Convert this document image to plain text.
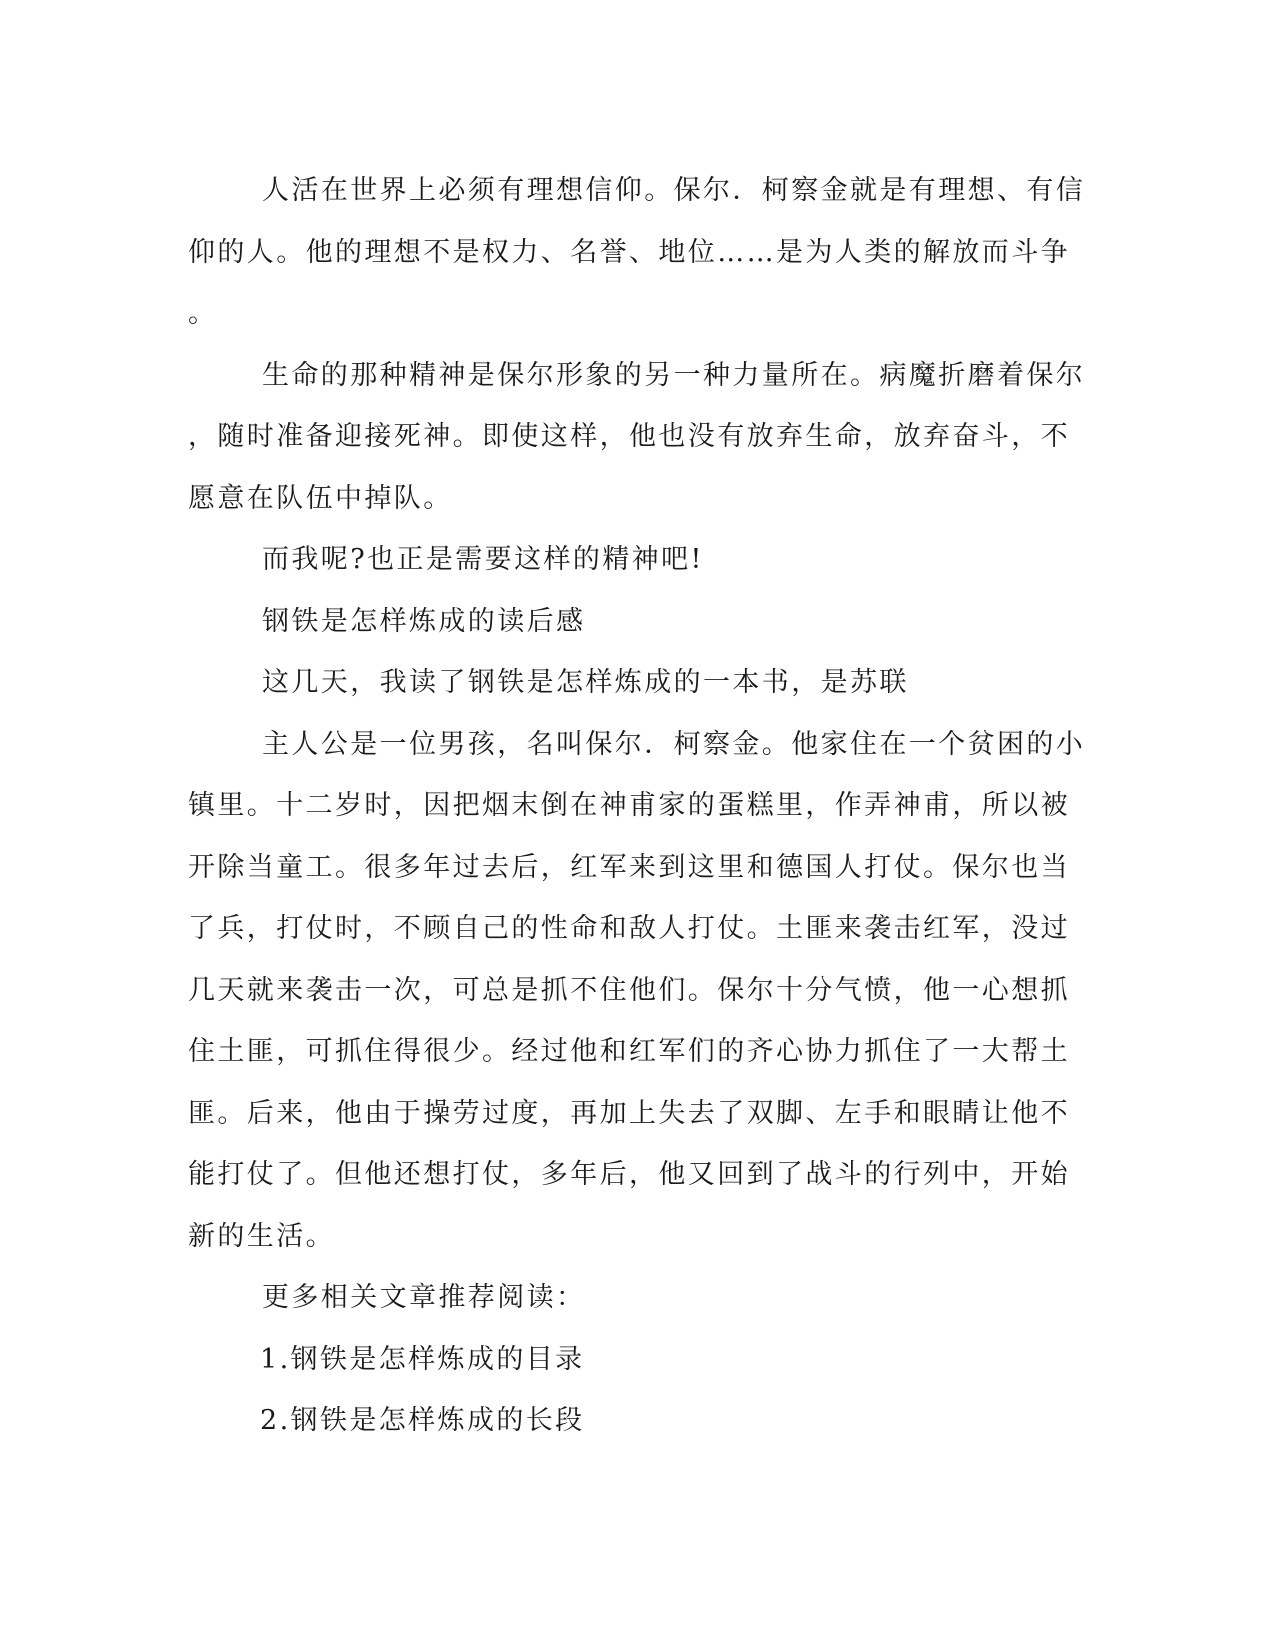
人活在世界上必须有理想信仰。保尔．柯察金就是有理想、有信
仰的人。他的理想不是权力、名誉、地位……是为人类的解放而斗争
。

生命的那种精神是保尔形象的另一种力量所在。病魔折磨着保尔
，随时准备迎接死神。即使这样，他也没有放弃生命，放弃奋斗，不
愿意在队伍中掉队。

而我呢?也正是需要这样的精神吧!

钢铁是怎样炼成的读后感

这几天，我读了钢铁是怎样炼成的一本书，是苏联

主人公是一位男孩，名叫保尔．柯察金。他家住在一个贫困的小
镇里。十二岁时，因把烟末倒在神甫家的蛋糕里，作弄神甫，所以被
开除当童工。很多年过去后，红军来到这里和德国人打仗。保尔也当
了兵，打仗时，不顾自己的性命和敌人打仗。土匪来袭击红军，没过
几天就来袭击一次，可总是抓不住他们。保尔十分气愤，他一心想抓
住土匪，可抓住得很少。经过他和红军们的齐心协力抓住了一大帮土
匪。后来，他由于操劳过度，再加上失去了双脚、左手和眼睛让他不
能打仗了。但他还想打仗，多年后，他又回到了战斗的行列中，开始
新的生活。

更多相关文章推荐阅读：

1.钢铁是怎样炼成的目录
2.钢铁是怎样炼成的长段
